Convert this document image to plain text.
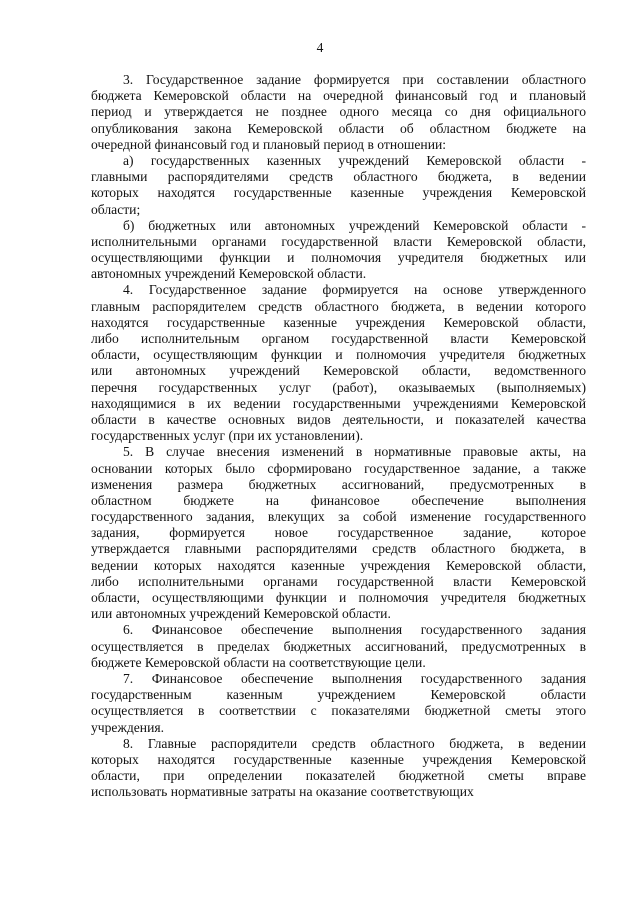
4
3. Государственное задание формируется при составлении областного
бюджета Кемеровской области на очередной финансовый год и плановый
период и утверждается не позднее одного месяца со дня официального
опубликования закона Кемеровской области об областном бюджете на
очередной финансовый год и плановый период в отношении:
а) государственных казенных учреждений Кемеровской области -
главными распорядителями средств областного бюджета, в ведении
которых находятся государственные казенные учреждения Кемеровской
области;
б) бюджетных или автономных учреждений Кемеровской области -
исполнительными органами государственной власти Кемеровской области,
осуществляющими функции и полномочия учредителя бюджетных или
автономных учреждений Кемеровской области.
4. Государственное задание формируется на основе утвержденного
главным распорядителем средств областного бюджета, в ведении которого
находятся государственные казенные учреждения Кемеровской области,
либо исполнительным органом государственной власти Кемеровской
области, осуществляющим функции и полномочия учредителя бюджетных
или автономных учреждений Кемеровской области, ведомственного
перечня государственных услуг (работ), оказываемых (выполняемых)
находящимися в их ведении государственными учреждениями Кемеровской
области в качестве основных видов деятельности, и показателей качества
государственных услуг (при их установлении).
5. В случае внесения изменений в нормативные правовые акты, на
основании которых было сформировано государственное задание, а также
изменения размера бюджетных ассигнований, предусмотренных в
областном бюджете на финансовое обеспечение выполнения
государственного задания, влекущих за собой изменение государственного
задания, формируется новое государственное задание, которое
утверждается главными распорядителями средств областного бюджета, в
ведении которых находятся казенные учреждения Кемеровской области,
либо исполнительными органами государственной власти Кемеровской
области, осуществляющими функции и полномочия учредителя бюджетных
или автономных учреждений Кемеровской области.
6. Финансовое обеспечение выполнения государственного задания
осуществляется в пределах бюджетных ассигнований, предусмотренных в
бюджете Кемеровской области на соответствующие цели.
7. Финансовое обеспечение выполнения государственного задания
государственным казенным учреждением Кемеровской области
осуществляется в соответствии с показателями бюджетной сметы этого
учреждения.
8. Главные распорядители средств областного бюджета, в ведении
которых находятся государственные казенные учреждения Кемеровской
области, при определении показателей бюджетной сметы вправе
использовать нормативные затраты на оказание соответствующих
